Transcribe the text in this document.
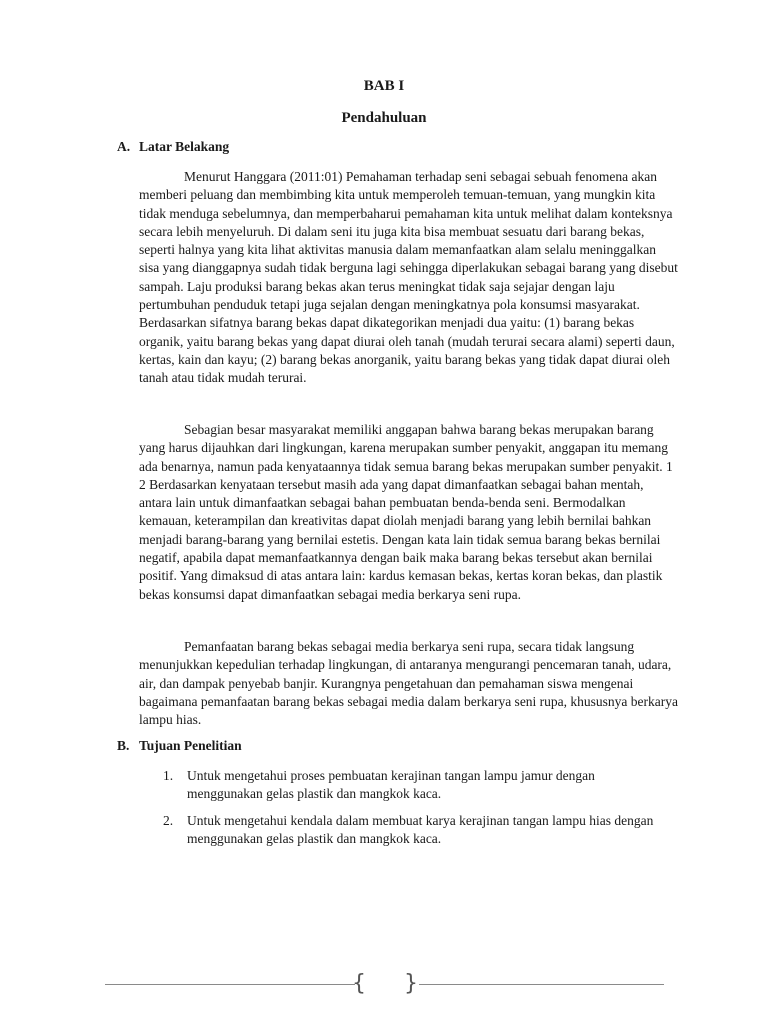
BAB I
Pendahuluan
A. Latar Belakang

Menurut Hanggara (2011:01) Pemahaman terhadap seni sebagai sebuah fenomena akan memberi peluang dan membimbing kita untuk memperoleh temuan-temuan, yang mungkin kita tidak menduga sebelumnya, dan memperbaharui pemahaman kita untuk melihat dalam konteksnya secara lebih menyeluruh. Di dalam seni itu juga kita bisa membuat sesuatu dari barang bekas, seperti halnya yang kita lihat aktivitas manusia dalam memanfaatkan alam selalu meninggalkan sisa yang dianggapnya sudah tidak berguna lagi sehingga diperlakukan sebagai barang yang disebut sampah. Laju produksi barang bekas akan terus meningkat tidak saja sejajar dengan laju pertumbuhan penduduk tetapi juga sejalan dengan meningkatnya pola konsumsi masyarakat. Berdasarkan sifatnya barang bekas dapat dikategorikan menjadi dua yaitu: (1) barang bekas organik, yaitu barang bekas yang dapat diurai oleh tanah (mudah terurai secara alami) seperti daun, kertas, kain dan kayu; (2) barang bekas anorganik, yaitu barang bekas yang tidak dapat diurai oleh tanah atau tidak mudah terurai.

Sebagian besar masyarakat memiliki anggapan bahwa barang bekas merupakan barang yang harus dijauhkan dari lingkungan, karena merupakan sumber penyakit, anggapan itu memang ada benarnya, namun pada kenyataannya tidak semua barang bekas merupakan sumber penyakit. 1 2 Berdasarkan kenyataan tersebut masih ada yang dapat dimanfaatkan sebagai bahan mentah, antara lain untuk dimanfaatkan sebagai bahan pembuatan benda-benda seni. Bermodalkan kemauan, keterampilan dan kreativitas dapat diolah menjadi barang yang lebih bernilai bahkan menjadi barang-barang yang bernilai estetis. Dengan kata lain tidak semua barang bekas bernilai negatif, apabila dapat memanfaatkannya dengan baik maka barang bekas tersebut akan bernilai positif. Yang dimaksud di atas antara lain: kardus kemasan bekas, kertas koran bekas, dan plastik bekas konsumsi dapat dimanfaatkan sebagai media berkarya seni rupa.

Pemanfaatan barang bekas sebagai media berkarya seni rupa, secara tidak langsung menunjukkan kepedulian terhadap lingkungan, di antaranya mengurangi pencemaran tanah, udara, air, dan dampak penyebab banjir. Kurangnya pengetahuan dan pemahaman siswa mengenai bagaimana pemanfaatan barang bekas sebagai media dalam berkarya seni rupa, khususnya berkarya lampu hias.

B. Tujuan Penelitian
1.	Untuk mengetahui proses pembuatan kerajinan tangan lampu jamur dengan menggunakan gelas plastik dan mangkok kaca.
2.	Untuk mengetahui kendala dalam membuat karya kerajinan tangan lampu hias dengan menggunakan gelas plastik dan mangkok kaca.
{ }
